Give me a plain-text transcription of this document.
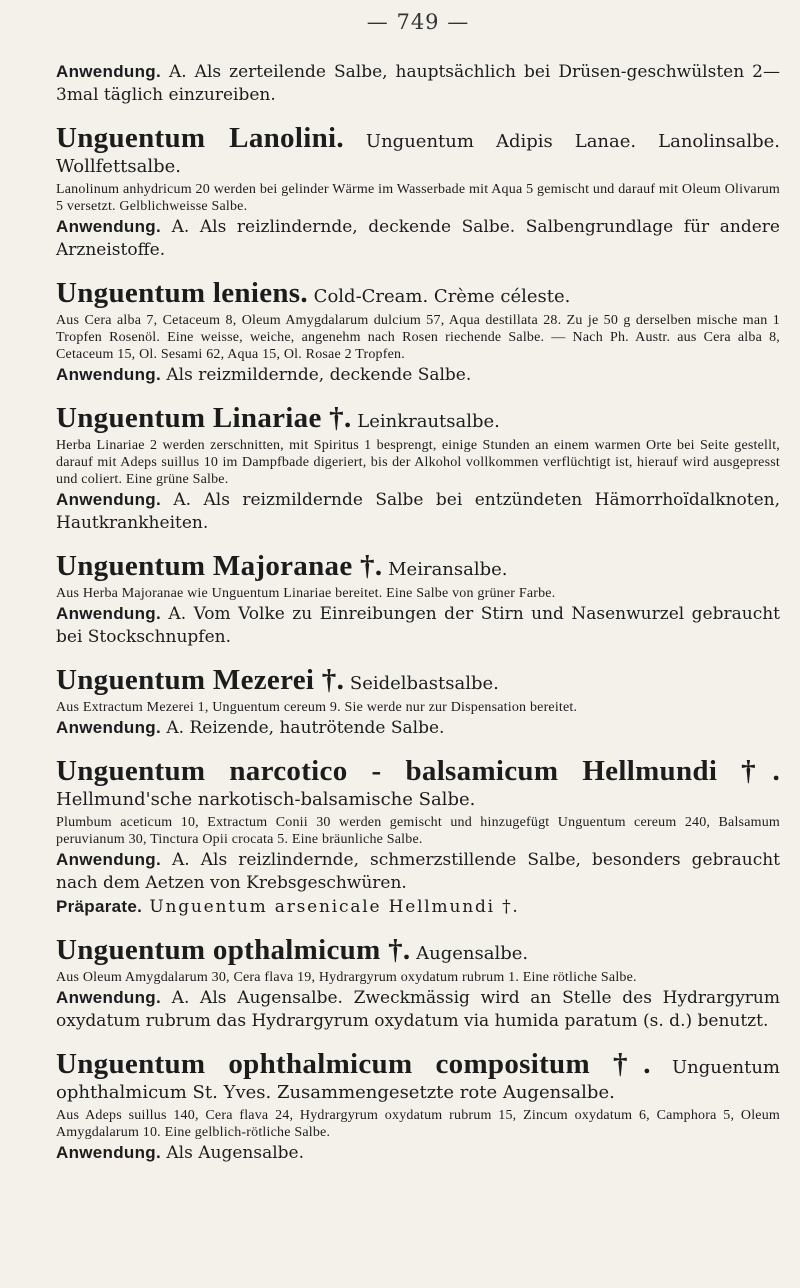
— 749 —

Anwendung. A. Als zerteilende Salbe, hauptsächlich bei Drüsen-geschwülsten 2—3mal täglich einzureiben.

Unguentum Lanolini. Unguentum Adipis Lanae. Lanolinsalbe. Wollfettsalbe.
Lanolinum anhydricum 20 werden bei gelinder Wärme im Wasserbade mit Aqua 5 gemischt und darauf mit Oleum Olivarum 5 versetzt. Gelblichweisse Salbe.

Anwendung. A. Als reizlindernde, deckende Salbe. Salbengrundlage für andere Arzneistoffe.

Unguentum leniens. Cold-Cream. Crème céleste.
Aus Cera alba 7, Cetaceum 8, Oleum Amygdalarum dulcium 57, Aqua destillata 28. Zu je 50 g derselben mische man 1 Tropfen Rosenöl. Eine weisse, weiche, angenehm nach Rosen riechende Salbe. — Nach Ph. Austr. aus Cera alba 8, Cetaceum 15, Ol. Sesami 62, Aqua 15, Ol. Rosae 2 Tropfen.

Anwendung. Als reizmildernde, deckende Salbe.

Unguentum Linariae †. Leinkrautsalbe.
Herba Linariae 2 werden zerschnitten, mit Spiritus 1 besprengt, einige Stunden an einem warmen Orte bei Seite gestellt, darauf mit Adeps suillus 10 im Dampfbade digeriert, bis der Alkohol vollkommen verflüchtigt ist, hierauf wird ausgepresst und coliert. Eine grüne Salbe.

Anwendung. A. Als reizmildernde Salbe bei entzündeten Hämorrhoïdalknoten, Hautkrankheiten.

Unguentum Majoranae †. Meiransalbe.
Aus Herba Majoranae wie Unguentum Linariae bereitet. Eine Salbe von grüner Farbe.

Anwendung. A. Vom Volke zu Einreibungen der Stirn und Nasenwurzel gebraucht bei Stockschnupfen.

Unguentum Mezerei †. Seidelbastsalbe.
Aus Extractum Mezerei 1, Unguentum cereum 9. Sie werde nur zur Dispensation bereitet.

Anwendung. A. Reizende, hautrötende Salbe.

Unguentum narcotico - balsamicum Hellmundi †. Hellmund'sche narkotisch-balsamische Salbe.
Plumbum aceticum 10, Extractum Conii 30 werden gemischt und hinzugefügt Unguentum cereum 240, Balsamum peruvianum 30, Tinctura Opii crocata 5. Eine bräunliche Salbe.

Anwendung. A. Als reizlindernde, schmerzstillende Salbe, besonders gebraucht nach dem Aetzen von Krebsgeschwüren.

Präparate. Unguentum arsenicale Hellmundi †.

Unguentum opthalmicum †. Augensalbe.
Aus Oleum Amygdalarum 30, Cera flava 19, Hydrargyrum oxydatum rubrum 1. Eine rötliche Salbe.

Anwendung. A. Als Augensalbe. Zweckmässig wird an Stelle des Hydrargyrum oxydatum rubrum das Hydrargyrum oxydatum via humida paratum (s. d.) benutzt.

Unguentum ophthalmicum compositum †. Unguentum ophthalmicum St. Yves. Zusammengesetzte rote Augensalbe.
Aus Adeps suillus 140, Cera flava 24, Hydrargyrum oxydatum rubrum 15, Zincum oxydatum 6, Camphora 5, Oleum Amygdalarum 10. Eine gelblich-rötliche Salbe.

Anwendung. Als Augensalbe.
